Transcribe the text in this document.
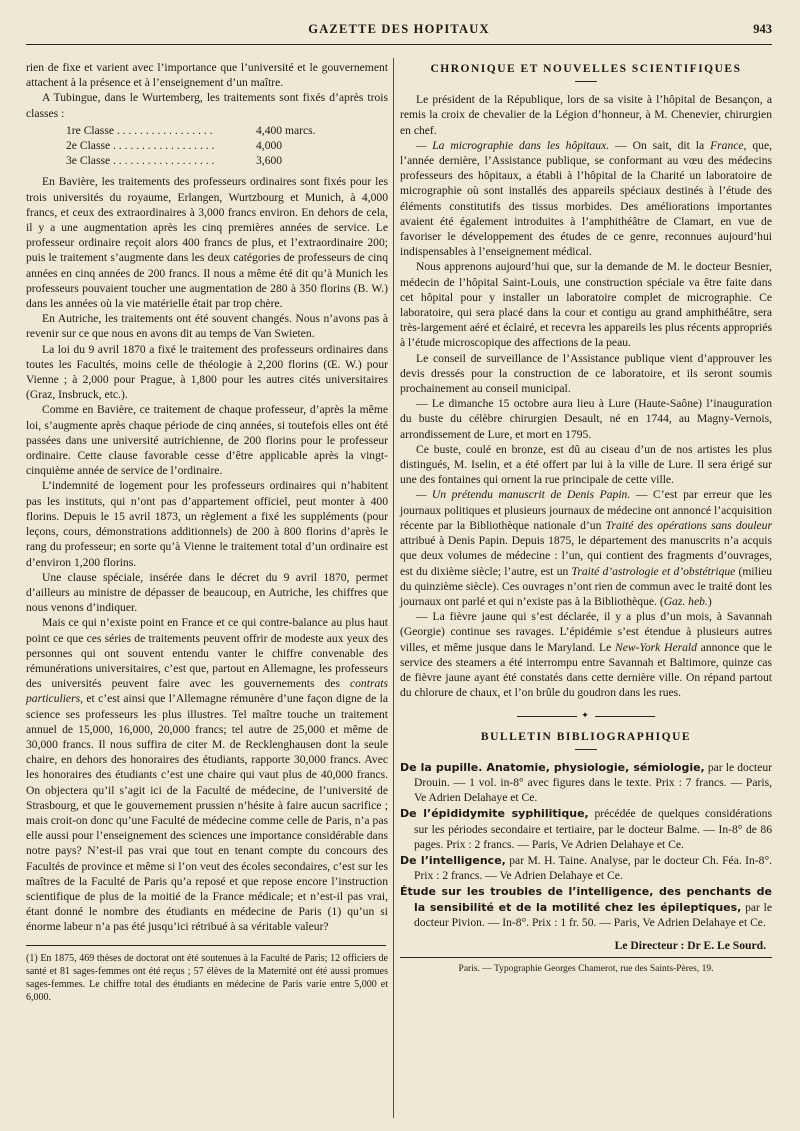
GAZETTE DES HOPITAUX	943

rien de fixe et varient avec l’importance que l’université et le gouvernement attachent à la présence et à l’enseignement d’un maître.

A Tubingue, dans le Wurtemberg, les traitements sont fixés d’après trois classes :

1re Classe . . . . . . . . . . . . . . . . .	4,400 marcs.
2e Classe . . . . . . . . . . . . . . . . . .	4,000
3e Classe . . . . . . . . . . . . . . . . . .	3,600

En Bavière, les traitements des professeurs ordinaires sont fixés pour les trois universités du royaume, Erlangen, Wurtzbourg et Munich, à 4,000 francs, et ceux des extraordinaires à 3,000 francs environ. En dehors de cela, il y a une augmentation après les cinq premières années de service. Le professeur ordinaire reçoit alors 400 francs de plus, et l’extraordinaire 200; puis le traitement s’augmente dans les deux catégories de professeurs de cinq années en cinq années de 200 francs. Il nous a même été dit qu’à Munich les professeurs pouvaient toucher une augmentation de 280 à 350 florins (B. W.) dans les années où la vie matérielle était par trop chère.

En Autriche, les traitements ont été souvent changés. Nous n’avons pas à revenir sur ce que nous en avons dit au temps de Van Swieten.

La loi du 9 avril 1870 a fixé le traitement des professeurs ordinaires dans toutes les Facultés, moins celle de théologie à 2,200 florins (Œ. W.) pour Vienne ; à 2,000 pour Prague, à 1,800 pour les autres cités universitaires (Graz, Insbruck, etc.).

Comme en Bavière, ce traitement de chaque professeur, d’après la même loi, s’augmente après chaque période de cinq années, si toutefois elles ont été passées dans une université autrichienne, de 200 florins pour le professeur ordinaire. Cette clause favorable cesse d’être applicable après la vingt-cinquième année de service de l’ordinaire.

L’indemnité de logement pour les professeurs ordinaires qui n’habitent pas les instituts, qui n’ont pas d’appartement officiel, peut monter à 400 florins. Depuis le 15 avril 1873, un règlement a fixé les suppléments (pour leçons, cours, démonstrations additionnels) de 200 à 800 florins d’après le rang du professeur; en sorte qu’à Vienne le traitement total d’un ordinaire est d’environ 1,200 florins.

Une clause spéciale, insérée dans le décret du 9 avril 1870, permet d’ailleurs au ministre de dépasser de beaucoup, en Autriche, les chiffres que nous venons d’indiquer.

Mais ce qui n’existe point en France et ce qui contre-balance au plus haut point ce que ces séries de traitements peuvent offrir de modeste aux yeux des personnes qui ont souvent entendu vanter le chiffre convenable des rémunérations universitaires, c’est que, partout en Allemagne, les professeurs des universités peuvent faire avec les gouvernements des contrats particuliers, et c’est ainsi que l’Allemagne rémunère d’une façon digne de la science ses professeurs les plus illustres. Tel maître touche un traitement annuel de 15,000, 16,000, 20,000 francs; tel autre de 25,000 et même de 30,000 francs. Il nous suffira de citer M. de Recklenghausen dont la seule chaire, en dehors des honoraires des étudiants, rapporte 30,000 francs. Avec les honoraires des étudiants c’est une chaire qui vaut plus de 40,000 francs. On objectera qu’il s’agit ici de la Faculté de médecine, de l’université de Strasbourg, et que le gouvernement prussien n’hésite à faire aucun sacrifice ; mais croit-on donc qu’une Faculté de médecine comme celle de Paris, n’a pas elle aussi pour l’enseignement des sciences une importance considérable dans notre pays? N’est-il pas vrai que tout en tenant compte du concours des Facultés de province et même si l’on veut des écoles secondaires, c’est sur les maîtres de la Faculté de Paris qu’a reposé et que repose encore l’instruction scientifique de plus de la moitié de la France médicale; et n’est-il pas vrai, étant donné le nombre des étudiants en médecine de Paris (1) qu’un si énorme labeur n’a pas été jusqu’ici rétribué à sa véritable valeur?

(1) En 1875, 469 thèses de doctorat ont été soutenues à la Faculté de Paris; 12 officiers de santé et 81 sages-femmes ont été reçus ; 57 élèves de la Maternité ont été aussi promues sages-femmes. Le chiffre total des étudiants en médecine de Paris varie entre 5,000 et 6,000.
CHRONIQUE ET NOUVELLES SCIENTIFIQUES

Le président de la République, lors de sa visite à l’hôpital de Besançon, a remis la croix de chevalier de la Légion d’honneur, à M. Chenevier, chirurgien en chef.

— La micrographie dans les hôpitaux. — On sait, dit la France, que, l’année dernière, l’Assistance publique, se conformant au vœu des médecins professeurs des hôpitaux, a établi à l’hôpital de la Charité un laboratoire de micrographie où sont installés des appareils spéciaux destinés à l’étude des éléments constitutifs des tissus morbides. Des améliorations importantes avaient été également introduites à l’amphithéâtre de Clamart, en vue de favoriser le développement des études de ce genre, reconnues aujourd’hui indispensables à l’enseignement médical.

Nous apprenons aujourd’hui que, sur la demande de M. le docteur Besnier, médecin de l’hôpital Saint-Louis, une construction spéciale va être faite dans cet hôpital pour y installer un laboratoire complet de micrographie. Ce laboratoire, qui sera placé dans la cour et contigu au grand amphithéâtre, sera très-largement aéré et éclairé, et recevra les appareils les plus récents appropriés à l’étude microscopique des affections de la peau.

Le conseil de surveillance de l’Assistance publique vient d’approuver les devis dressés pour la construction de ce laboratoire, et ils seront soumis prochainement au conseil municipal.

— Le dimanche 15 octobre aura lieu à Lure (Haute-Saône) l’inauguration du buste du célèbre chirurgien Desault, né en 1744, au Magny-Vernois, arrondissement de Lure, et mort en 1795.

Ce buste, coulé en bronze, est dû au ciseau d’un de nos artistes les plus distingués, M. Iselin, et a été offert par lui à la ville de Lure. Il sera érigé sur une des fontaines qui ornent la rue principale de cette ville.

— Un prétendu manuscrit de Denis Papin. — C’est par erreur que les journaux politiques et plusieurs journaux de médecine ont annoncé l’acquisition récente par la Bibliothèque nationale d’un Traité des opérations sans douleur attribué à Denis Papin. Depuis 1875, le département des manuscrits n’a acquis que deux volumes de médecine : l’un, qui contient des fragments d’ouvrages, est du dixième siècle; l’autre, est un Traité d’astrologie et d’obstétrique (milieu du quinzième siècle). Ces ouvrages n’ont rien de commun avec le traité dont les journaux ont parlé et qui n’existe pas à la Bibliothèque. (Gaz. heb.)

— La fièvre jaune qui s’est déclarée, il y a plus d’un mois, à Savannah (Georgie) continue ses ravages. L’épidémie s’est étendue à plusieurs autres villes, et même jusque dans le Maryland. Le New-York Herald annonce que le service des steamers a été interrompu entre Savannah et Baltimore, quinze cas de fièvre jaune ayant été constatés dans cette dernière ville. On répand partout du chlorure de chaux, et l’on brûle du goudron dans les rues.

✦
BULLETIN BIBLIOGRAPHIQUE
De la pupille. Anatomie, physiologie, sémiologie, par le docteur Drouin. — 1 vol. in-8° avec figures dans le texte. Prix : 7 francs. — Paris, Ve Adrien Delahaye et Ce.
De l’épididymite syphilitique, précédée de quelques considérations sur les périodes secondaire et tertiaire, par le docteur Balme. — In-8° de 86 pages. Prix : 2 francs. — Paris, Ve Adrien Delahaye et Ce.
De l’intelligence, par M. H. Taine. Analyse, par le docteur Ch. Féa. In-8°. Prix : 2 francs. — Ve Adrien Delahaye et Ce.
Étude sur les troubles de l’intelligence, des penchants de la sensibilité et de la motilité chez les épileptiques, par le docteur Pivion. — In-8°. Prix : 1 fr. 50. — Paris, Ve Adrien Delahaye et Ce.
Le Directeur : Dr E. Le Sourd.
Paris. — Typographie Georges Chamerot, rue des Saints-Pères, 19.
